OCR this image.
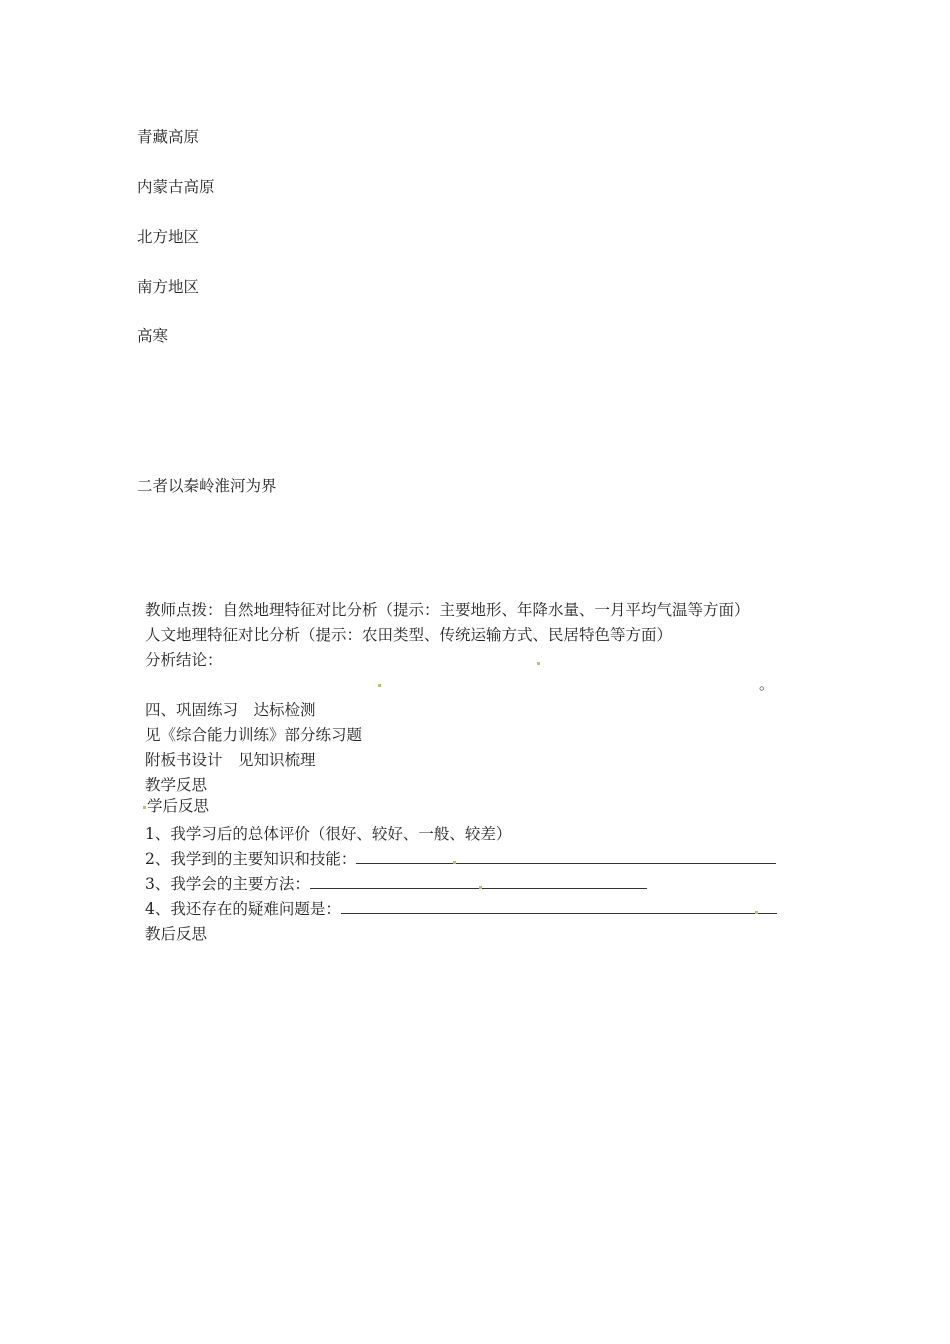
青藏高原
内蒙古高原
北方地区
南方地区
高寒
二者以秦岭淮河为界
教师点拨：自然地理特征对比分析（提示：主要地形、年降水量、一月平均气温等方面）
人文地理特征对比分析（提示：农田类型、传统运输方式、民居特色等方面）
分析结论：
。
四、巩固练习　达标检测
见《综合能力训练》部分练习题
附板书设计　见知识梳理
教学反思
学后反思
1、我学习后的总体评价（很好、较好、一般、较差）
2、我学到的主要知识和技能：
3、我学会的主要方法：
4、我还存在的疑难问题是：
教后反思
